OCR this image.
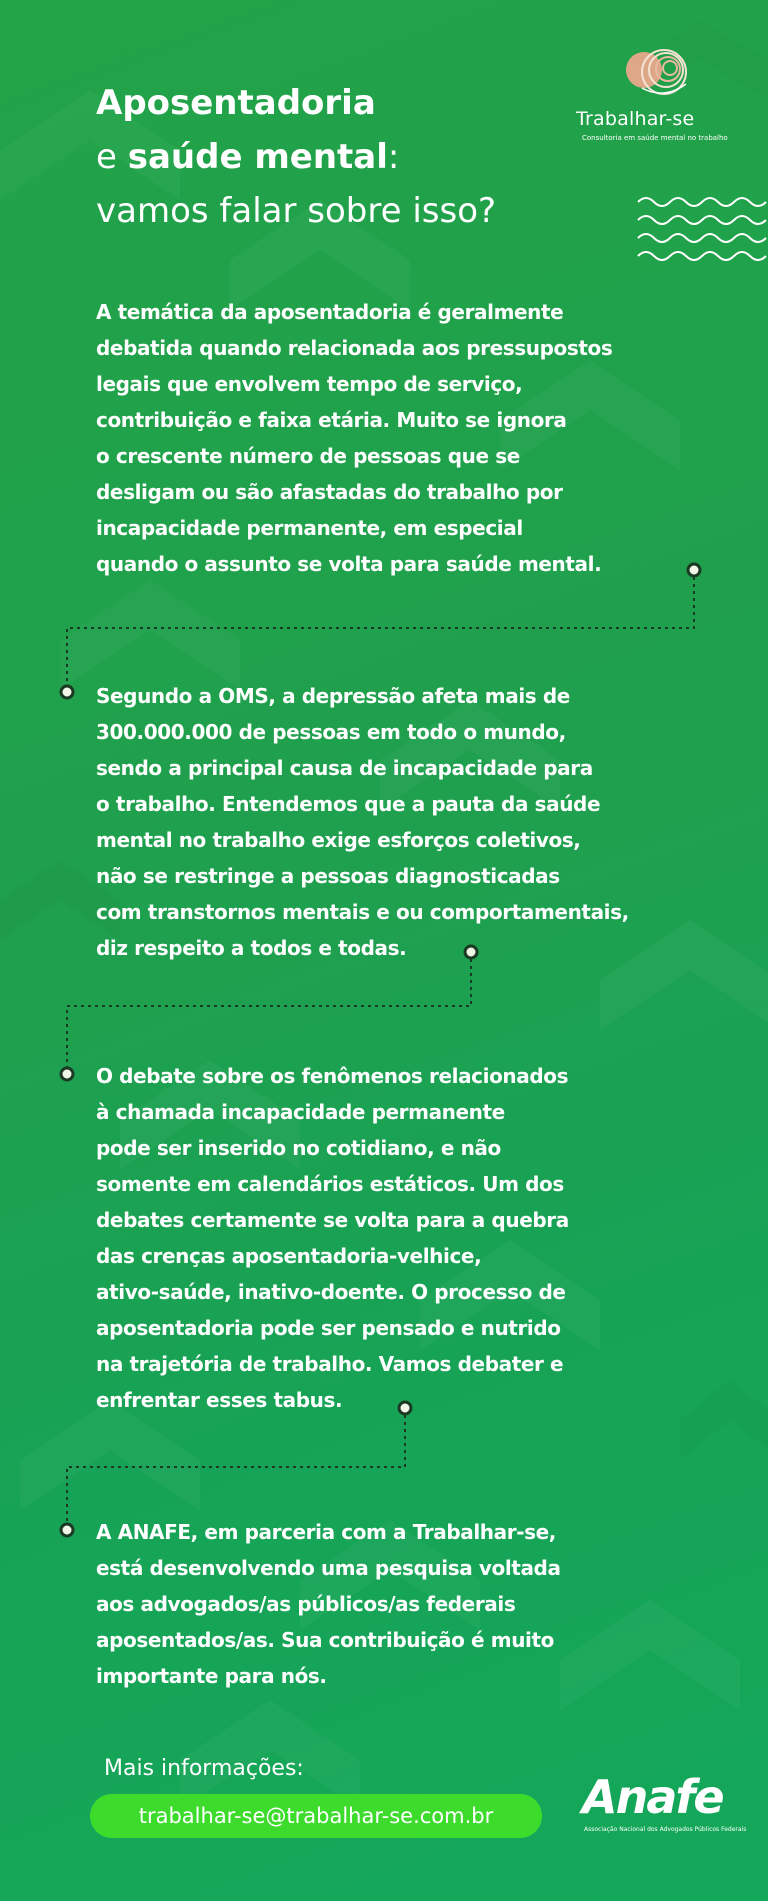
Aposentadoria
e saúde mental:
vamos falar sobre isso?
Trabalhar-se
Consultoria em saúde mental no trabalho
A temática da aposentadoria é geralmente
debatida quando relacionada aos pressupostos
legais que envolvem tempo de serviço,
contribuição e faixa etária. Muito se ignora
o crescente número de pessoas que se
desligam ou são afastadas do trabalho por
incapacidade permanente, em especial
quando o assunto se volta para saúde mental.
Segundo a OMS, a depressão afeta mais de
300.000.000 de pessoas em todo o mundo,
sendo a principal causa de incapacidade para
o trabalho. Entendemos que a pauta da saúde
mental no trabalho exige esforços coletivos,
não se restringe a pessoas diagnosticadas
com transtornos mentais e ou comportamentais,
diz respeito a todos e todas.
O debate sobre os fenômenos relacionados
à chamada incapacidade permanente
pode ser inserido no cotidiano, e não
somente em calendários estáticos. Um dos
debates certamente se volta para a quebra
das crenças aposentadoria-velhice,
ativo-saúde, inativo-doente. O processo de
aposentadoria pode ser pensado e nutrido
na trajetória de trabalho. Vamos debater e
enfrentar esses tabus.
A ANAFE, em parceria com a Trabalhar-se,
está desenvolvendo uma pesquisa voltada
aos advogados/as públicos/as federais
aposentados/as. Sua contribuição é muito
importante para nós.
Mais informações:
trabalhar-se@trabalhar-se.com.br	Anafe
Associação Nacional dos Advogados Públicos Federais
